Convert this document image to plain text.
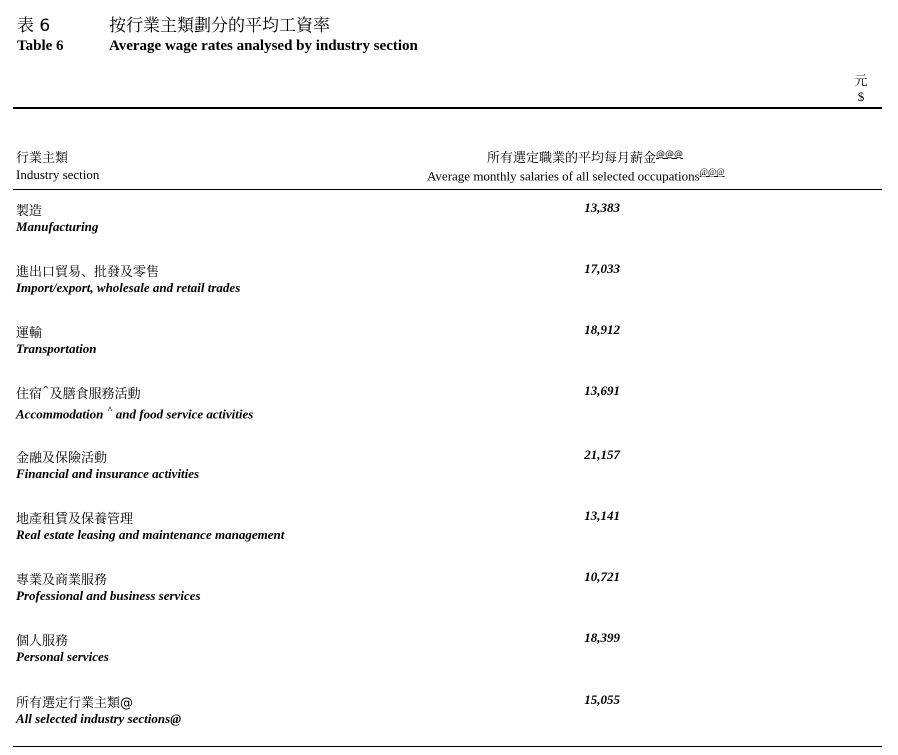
表 6	按行業主類劃分的平均工資率
Table 6	Average wage rates analysed by industry section
元
$
行業主類
Industry section
所有選定職業的平均每月薪金@@@
Average monthly salaries of all selected occupations@@@
製造
Manufacturing
13,383
進出口貿易、批發及零售
Import/export, wholesale and retail trades
17,033
運輸
Transportation
18,912
住宿^及膳食服務活動
Accommodation ^ and food service activities
13,691
金融及保險活動
Financial and insurance activities
21,157
地產租賃及保養管理
Real estate leasing and maintenance management
13,141
專業及商業服務
Professional and business services
10,721
個人服務
Personal services
18,399
所有選定行業主類@
All selected industry sections@
15,055
